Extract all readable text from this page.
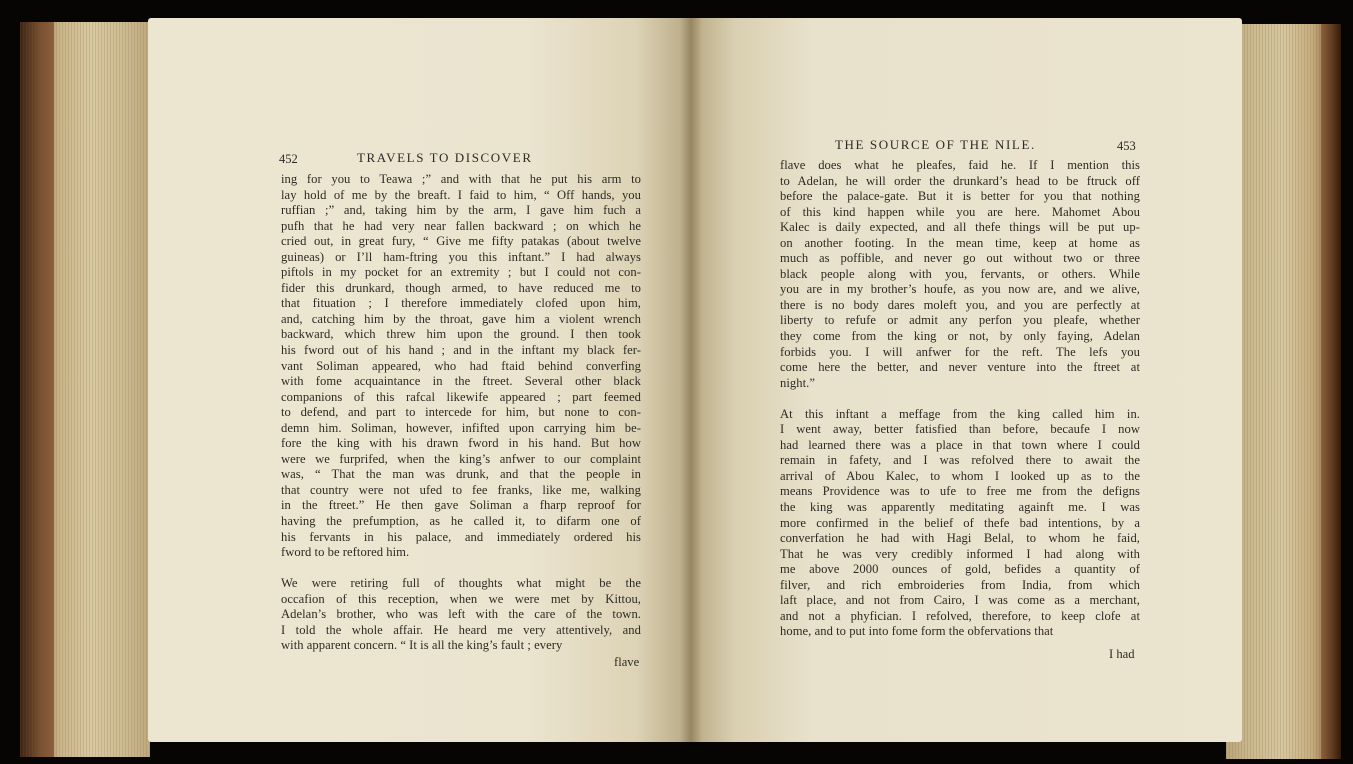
452	TRAVELS TO DISCOVER
ing for you to Teawa ;” and with that he put his arm to
lay hold of me by the breaft. I faid to him, “ Off hands, you
ruffian ;” and, taking him by the arm, I gave him fuch a
pufh that he had very near fallen backward ; on which he
cried out, in great fury, “ Give me fifty patakas (about twelve
guineas) or I’ll ham-ftring you this inftant.” I had always
piftols in my pocket for an extremity ; but I could not con-
fider this drunkard, though armed, to have reduced me to
that fituation ; I therefore immediately clofed upon him,
and, catching him by the throat, gave him a violent wrench
backward, which threw him upon the ground. I then took
his fword out of his hand ; and in the inftant my black fer-
vant Soliman appeared, who had ftaid behind converfing
with fome acquaintance in the ftreet. Several other black
companions of this rafcal likewife appeared ; part feemed
to defend, and part to intercede for him, but none to con-
demn him. Soliman, however, infifted upon carrying him be-
fore the king with his drawn fword in his hand. But how
were we furprifed, when the king’s anfwer to our complaint
was, “ That the man was drunk, and that the people in
that country were not ufed to fee franks, like me, walking
in the ftreet.” He then gave Soliman a fharp reproof for
having the prefumption, as he called it, to difarm one of
his fervants in his palace, and immediately ordered his
fword to be reftored him.
We were retiring full of thoughts what might be the
occafion of this reception, when we were met by Kittou,
Adelan’s brother, who was left with the care of the town.
I told the whole affair. He heard me very attentively, and
with apparent concern. “ It is all the king’s fault ; every
flave
THE SOURCE OF THE NILE.	453
flave does what he pleafes, faid he. If I mention this
to Adelan, he will order the drunkard’s head to be ftruck off
before the palace-gate. But it is better for you that nothing
of this kind happen while you are here. Mahomet Abou
Kalec is daily expected, and all thefe things will be put up-
on another footing. In the mean time, keep at home as
much as poffible, and never go out without two or three
black people along with you, fervants, or others. While
you are in my brother’s houfe, as you now are, and we alive,
there is no body dares moleft you, and you are perfectly at
liberty to refufe or admit any perfon you pleafe, whether
they come from the king or not, by only faying, Adelan
forbids you. I will anfwer for the reft. The lefs you
come here the better, and never venture into the ftreet at
night.”
At this inftant a meffage from the king called him in.
I went away, better fatisfied than before, becaufe I now
had learned there was a place in that town where I could
remain in fafety, and I was refolved there to await the
arrival of Abou Kalec, to whom I looked up as to the
means Providence was to ufe to free me from the defigns
the king was apparently meditating againft me. I was
more confirmed in the belief of thefe bad intentions, by a
converfation he had with Hagi Belal, to whom he faid,
That he was very credibly informed I had along with
me above 2000 ounces of gold, befides a quantity of
filver, and rich embroideries from India, from which
laft place, and not from Cairo, I was come as a merchant,
and not a phyfician. I refolved, therefore, to keep clofe at
home, and to put into fome form the obfervations that
I had
